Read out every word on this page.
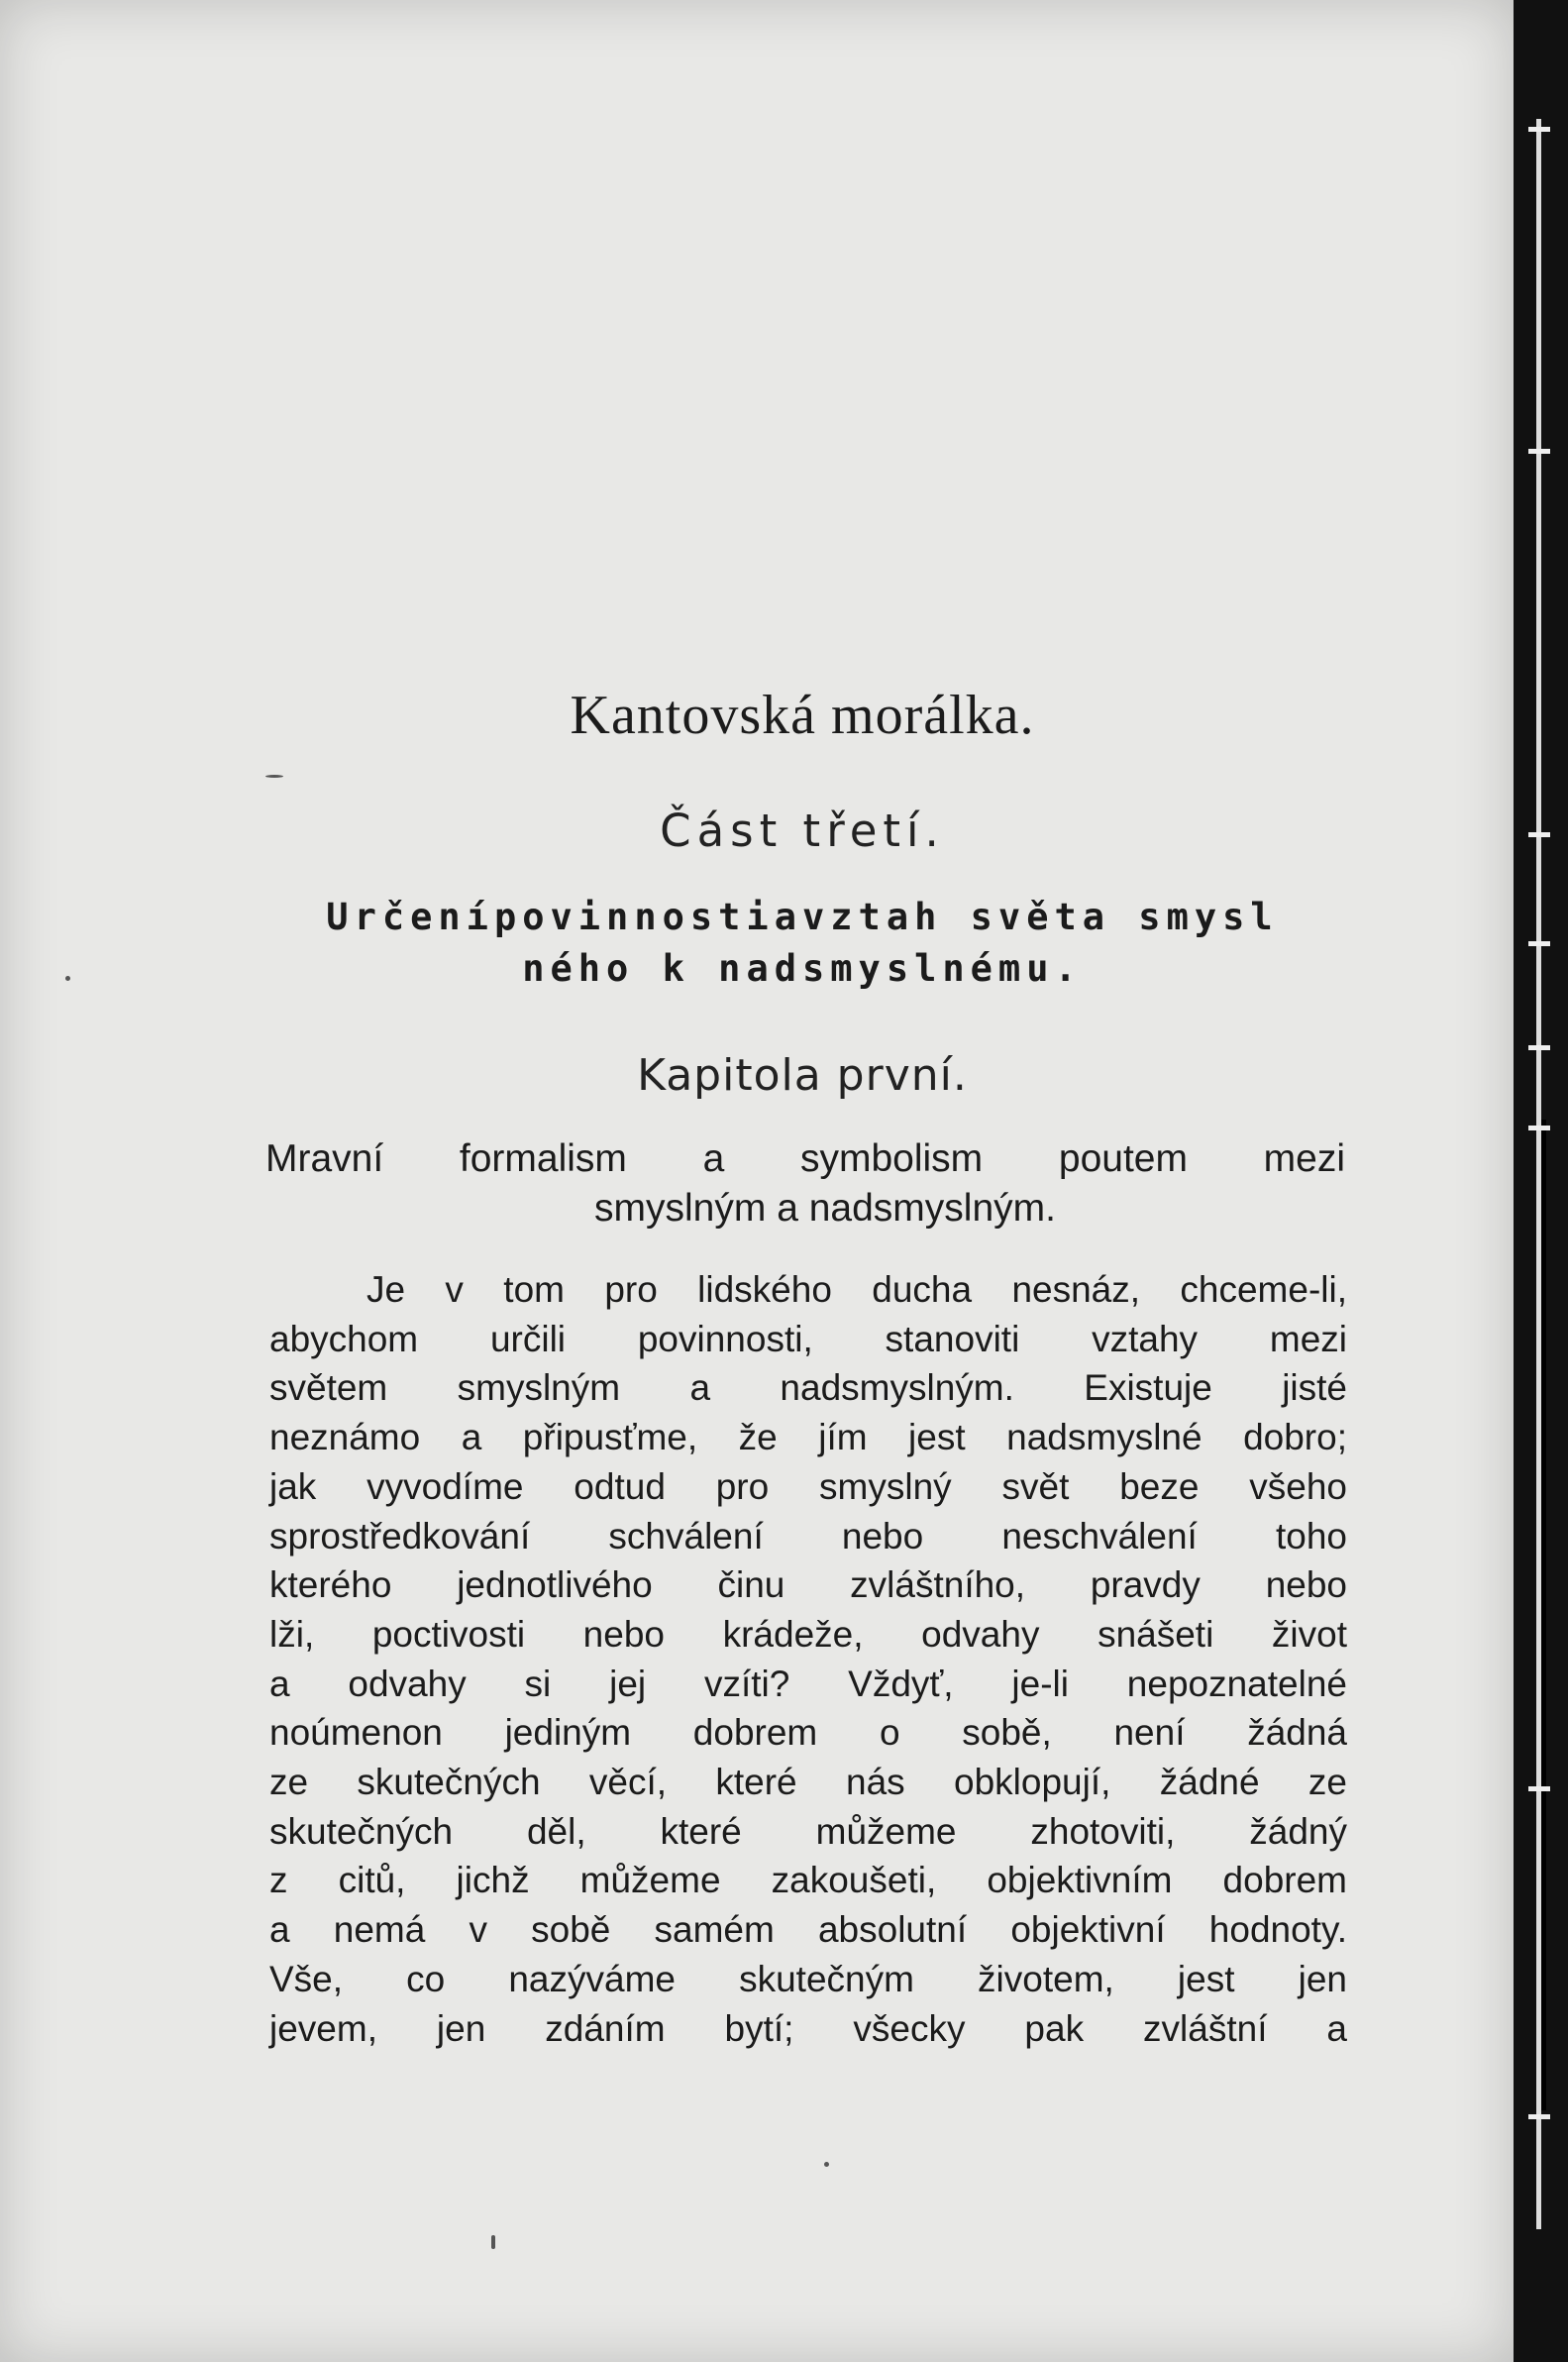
Kantovská morálka.
Část třetí.
Určenípovinnostiavztah světa smysl
ného k nadsmyslnému.
Kapitola první.
Mravní formalism a symbolism poutem mezi
smyslným a nadsmyslným.
Je v tom pro lidského ducha nesnáz, chceme-li,
abychom určili povinnosti, stanoviti vztahy mezi
světem smyslným a nadsmyslným. Existuje jisté
neznámo a připusťme, že jím jest nadsmyslné dobro;
jak vyvodíme odtud pro smyslný svět beze všeho
sprostředkování schválení nebo neschválení toho
kterého jednotlivého činu zvláštního, pravdy nebo
lži, poctivosti nebo krádeže, odvahy snášeti život
a odvahy si jej vzíti? Vždyť, je-li nepoznatelné
noúmenon jediným dobrem o sobě, není žádná
ze skutečných věcí, které nás obklopují, žádné ze
skutečných děl, které můžeme zhotoviti, žádný
z citů, jichž můžeme zakoušeti, objektivním dobrem
a nemá v sobě samém absolutní objektivní hodnoty.
Vše, co nazýváme skutečným životem, jest jen
jevem, jen zdáním bytí; všecky pak zvláštní a
